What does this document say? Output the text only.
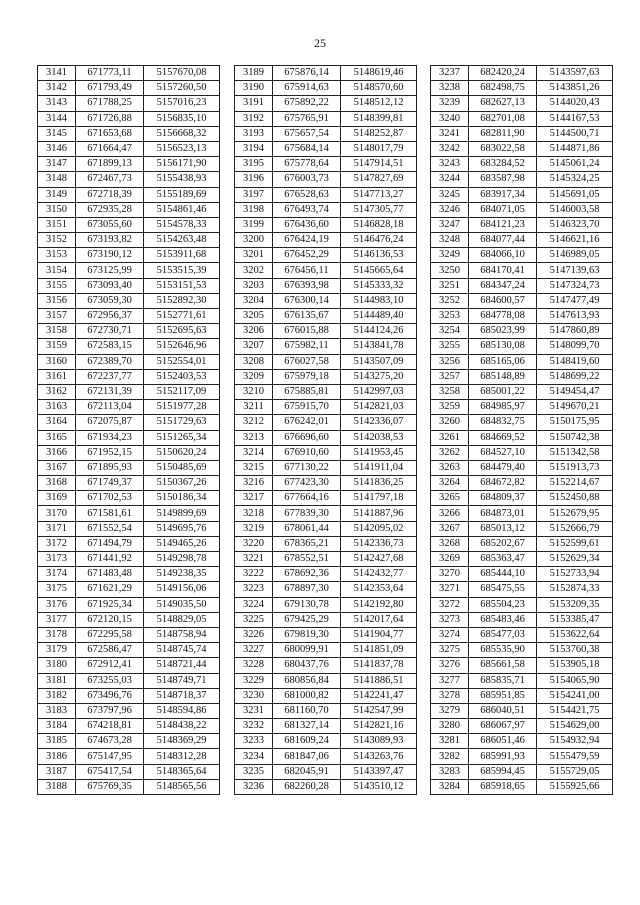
25
3141	671773,11	5157670,08
3142	671793,49	5157260,50
3143	671788,25	5157016,23
3144	671726,88	5156835,10
3145	671653,68	5156668,32
3146	671664,47	5156523,13
3147	671899,13	5156171,90
3148	672467,73	5155438,93
3149	672718,39	5155189,69
3150	672935,28	5154861,46
3151	673055,60	5154578,33
3152	673193,82	5154263,48
3153	673190,12	5153911,68
3154	673125,99	5153515,39
3155	673093,40	5153151,53
3156	673059,30	5152892,30
3157	672956,37	5152771,61
3158	672730,71	5152695,63
3159	672583,15	5152646,96
3160	672389,70	5152554,01
3161	672237,77	5152403,53
3162	672131,39	5152117,09
3163	672113,04	5151977,28
3164	672075,87	5151729,63
3165	671934,23	5151265,34
3166	671952,15	5150620,24
3167	671895,93	5150485,69
3168	671749,37	5150367,26
3169	671702,53	5150186,34
3170	671581,61	5149899,69
3171	671552,54	5149695,76
3172	671494,79	5149465,26
3173	671441,92	5149298,78
3174	671483,48	5149238,35
3175	671621,29	5149156,06
3176	671925,34	5149035,50
3177	672120,15	5148829,05
3178	672295,58	5148758,94
3179	672586,47	5148745,74
3180	672912,41	5148721,44
3181	673255,03	5148749,71
3182	673496,76	5148718,37
3183	673797,96	5148594,86
3184	674218,81	5148438,22
3185	674673,28	5148369,29
3186	675147,95	5148312,28
3187	675417,54	5148365,64
3188	675769,35	5148565,56
3189	675876,14	5148619,46
3190	675914,63	5148570,60
3191	675892,22	5148512,12
3192	675765,91	5148399,81
3193	675657,54	5148252,87
3194	675684,14	5148017,79
3195	675778,64	5147914,51
3196	676003,73	5147827,69
3197	676528,63	5147713,27
3198	676493,74	5147305,77
3199	676436,60	5146828,18
3200	676424,19	5146476,24
3201	676452,29	5146136,53
3202	676456,11	5145665,64
3203	676393,98	5145333,32
3204	676300,14	5144983,10
3205	676135,67	5144489,40
3206	676015,88	5144124,26
3207	675982,11	5143841,78
3208	676027,58	5143507,09
3209	675979,18	5143275,20
3210	675885,81	5142997,03
3211	675915,70	5142821,03
3212	676242,01	5142336,07
3213	676696,60	5142038,53
3214	676910,60	5141953,45
3215	677130,22	5141911,04
3216	677423,30	5141836,25
3217	677664,16	5141797,18
3218	677839,30	5141887,96
3219	678061,44	5142095,02
3220	678365,21	5142336,73
3221	678552,51	5142427,68
3222	678692,36	5142432,77
3223	678897,30	5142353,64
3224	679130,78	5142192,80
3225	679425,29	5142017,64
3226	679819,30	5141904,77
3227	680099,91	5141851,09
3228	680437,76	5141837,78
3229	680856,84	5141886,51
3230	681000,82	5142241,47
3231	681160,70	5142547,99
3232	681327,14	5142821,16
3233	681609,24	5143089,93
3234	681847,06	5143263,76
3235	682045,91	5143397,47
3236	682260,28	5143510,12
3237	682420,24	5143597,63
3238	682498,75	5143851,26
3239	682627,13	5144020,43
3240	682701,08	5144167,53
3241	682811,90	5144500,71
3242	683022,58	5144871,86
3243	683284,52	5145061,24
3244	683587,98	5145324,25
3245	683917,34	5145691,05
3246	684071,05	5146003,58
3247	684121,23	5146323,70
3248	684077,44	5146621,16
3249	684066,10	5146989,05
3250	684170,41	5147139,63
3251	684347,24	5147324,73
3252	684600,57	5147477,49
3253	684778,08	5147613,93
3254	685023,99	5147860,89
3255	685130,08	5148099,70
3256	685165,06	5148419,60
3257	685148,89	5148699,22
3258	685001,22	5149454,47
3259	684985,97	5149670,21
3260	684832,75	5150175,95
3261	684669,52	5150742,38
3262	684527,10	5151342,58
3263	684479,40	5151913,73
3264	684672,82	5152214,67
3265	684809,37	5152450,88
3266	684873,01	5152679,95
3267	685013,12	5152666,79
3268	685202,67	5152599,61
3269	685363,47	5152629,34
3270	685444,10	5152733,94
3271	685475,55	5152874,33
3272	685504,23	5153209,35
3273	685483,46	5153385,47
3274	685477,03	5153622,64
3275	685535,90	5153760,38
3276	685661,58	5153905,18
3277	685835,71	5154065,90
3278	685951,85	5154241,00
3279	686040,51	5154421,75
3280	686067,97	5154629,00
3281	686051,46	5154932,94
3282	685991,93	5155479,59
3283	685994,45	5155729,05
3284	685918,65	5155925,66
